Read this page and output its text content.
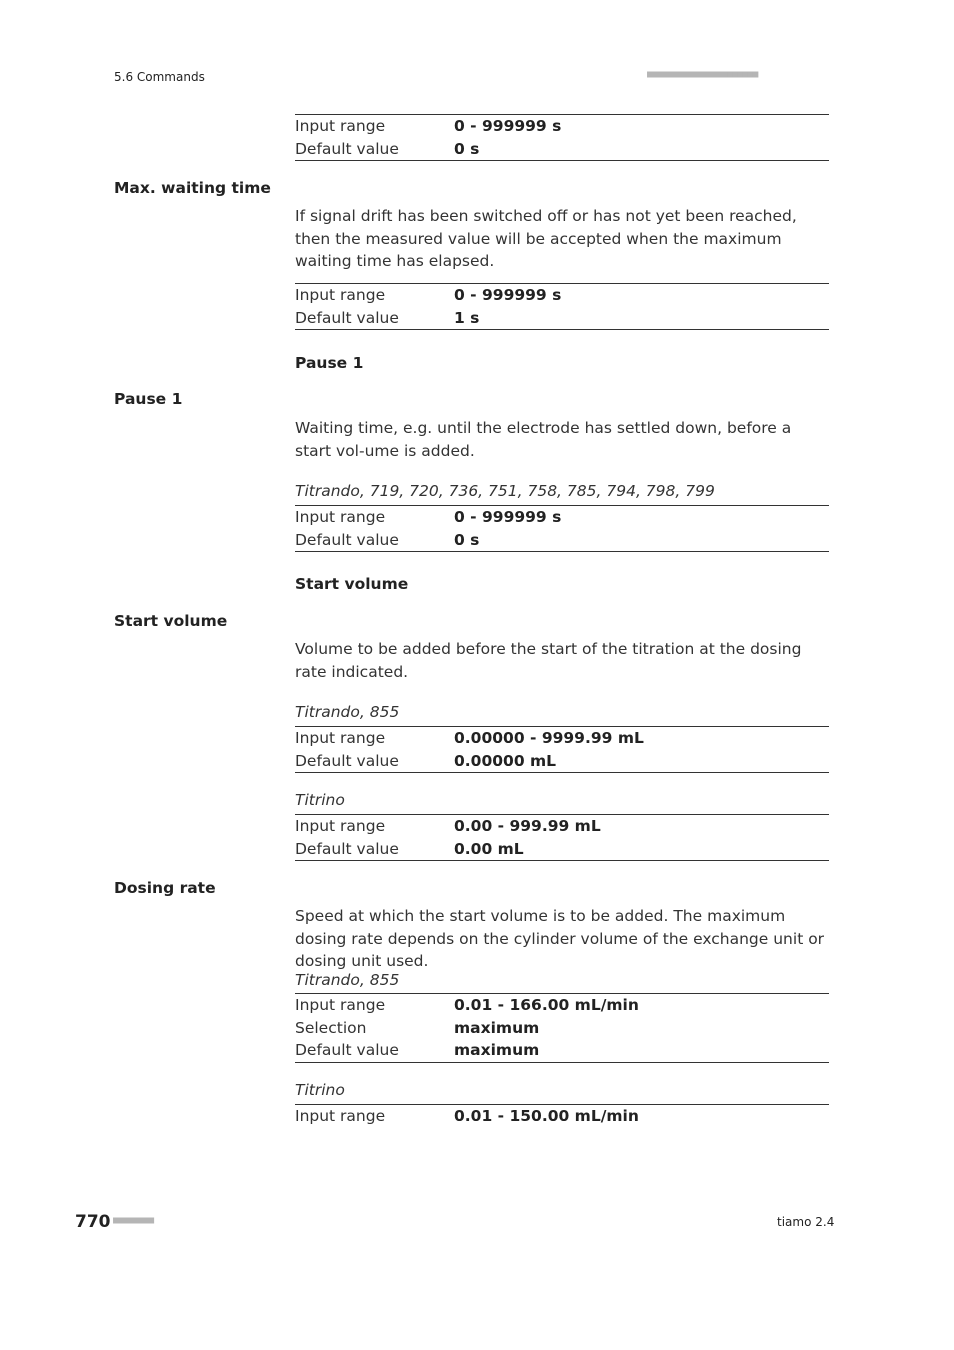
5.6 Commands	■■■■■■■■■■■■■■■■■■■■■■
Input range	0 - 999999 s
Default value	0 s
Max. waiting time
If signal drift has been switched off or has not yet been reached, then the measured value will be accepted when the maximum waiting time has elapsed.
Input range	0 - 999999 s
Default value	1 s
Pause 1
Pause 1
Waiting time, e.g. until the electrode has settled down, before a start vol-ume is added.
Titrando, 719, 720, 736, 751, 758, 785, 794, 798, 799
Input range	0 - 999999 s
Default value	0 s
Start volume
Start volume
Volume to be added before the start of the titration at the dosing rate indicated.
Titrando, 855
Input range	0.00000 - 9999.99 mL
Default value	0.00000 mL
Titrino
Input range	0.00 - 999.99 mL
Default value	0.00 mL
Dosing rate
Speed at which the start volume is to be added. The maximum dosing rate depends on the cylinder volume of the exchange unit or dosing unit used.
Titrando, 855
Input range	0.01 - 166.00 mL/min
Selection	maximum
Default value	maximum
Titrino
Input range	0.01 - 150.00 mL/min
770 ■■■■■■■■	tiamo 2.4
